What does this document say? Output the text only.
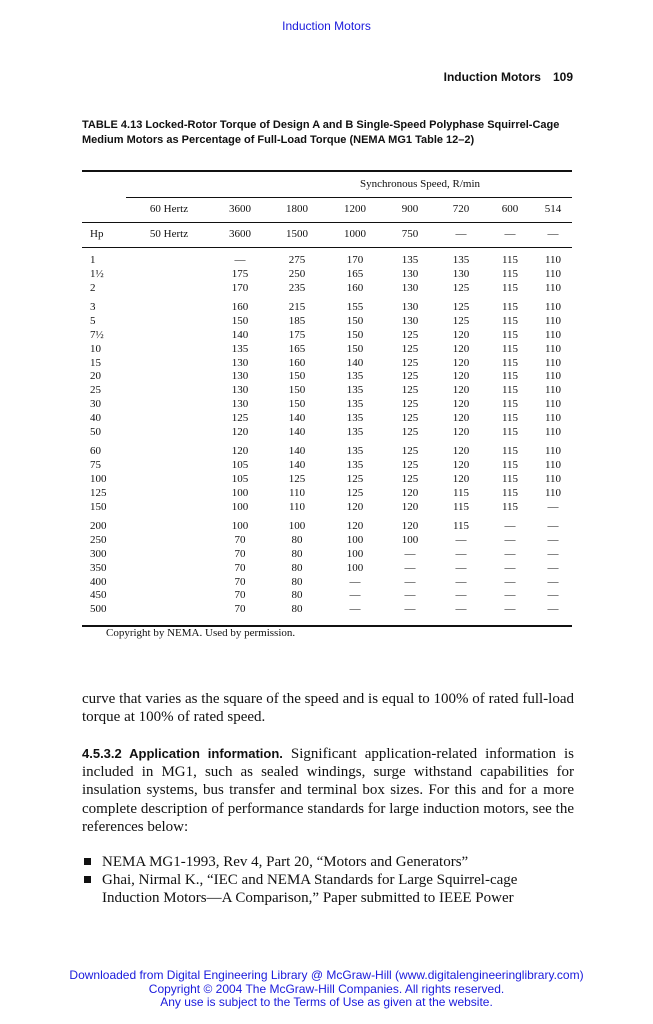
Induction Motors
Induction Motors 109
TABLE 4.13 Locked-Rotor Torque of Design A and B Single-Speed Polyphase Squirrel-Cage Medium Motors as Percentage of Full-Load Torque (NEMA MG1 Table 12–2)
			Synchronous Speed, R/min					

	60 Hertz	3600	1800	1200	900	720	600	514

Hp	50 Hertz	3600	1500	1000	750	—	—	—

1		—	275	170	135	135	115	110
1½		175	250	165	130	130	115	110
2		170	235	160	130	125	115	110
3		160	215	155	130	125	115	110
5		150	185	150	130	125	115	110
7½		140	175	150	125	120	115	110
10		135	165	150	125	120	115	110
15		130	160	140	125	120	115	110
20		130	150	135	125	120	115	110
25		130	150	135	125	120	115	110
30		130	150	135	125	120	115	110
40		125	140	135	125	120	115	110
50		120	140	135	125	120	115	110
60		120	140	135	125	120	115	110
75		105	140	135	125	120	115	110
100		105	125	125	125	120	115	110
125		100	110	125	120	115	115	110
150		100	110	120	120	115	115	—
200		100	100	120	120	115	—	—
250		70	80	100	100	—	—	—
300		70	80	100	—	—	—	—
350		70	80	100	—	—	—	—
400		70	80	—	—	—	—	—
450		70	80	—	—	—	—	—
500		70	80	—	—	—	—	—

Copyright by NEMA. Used by permission.
curve that varies as the square of the speed and is equal to 100% of rated full-load torque at 100% of rated speed.
4.5.3.2 Application information. Significant application-related information is included in MG1, such as sealed windings, surge withstand capabilities for insulation systems, bus transfer and terminal box sizes. For this and for a more complete description of performance standards for large induction motors, see the references below:
NEMA MG1-1993, Rev 4, Part 20, “Motors and Generators”
Ghai, Nirmal K., “IEC and NEMA Standards for Large Squirrel-cage Induction Motors—A Comparison,” Paper submitted to IEEE Power
Downloaded from Digital Engineering Library @ McGraw-Hill (www.digitalengineeringlibrary.com)
Copyright © 2004 The McGraw-Hill Companies. All rights reserved.
Any use is subject to the Terms of Use as given at the website.
